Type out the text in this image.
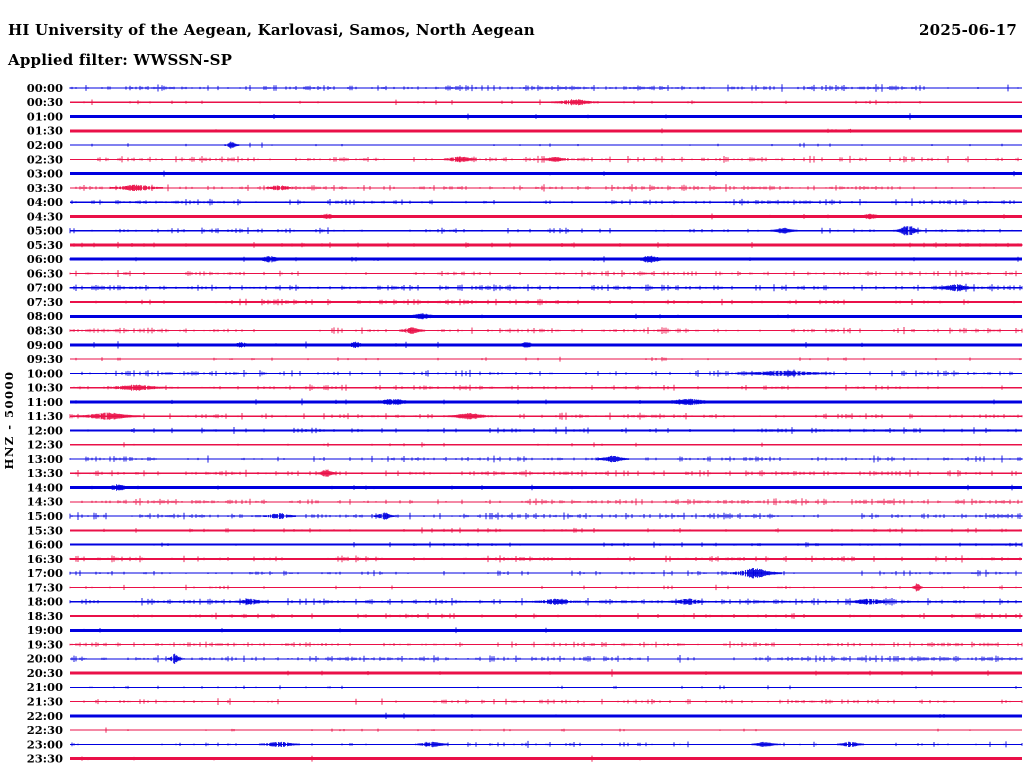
HI University of the Aegean, Karlovasi, Samos, North Aegean	2025-06-17
Applied filter: WWSSN-SP
HNZ - 50000
00:00
00:30
01:00
01:30
02:00
02:30
03:00
03:30
04:00
04:30
05:00
05:30
06:00
06:30
07:00
07:30
08:00
08:30
09:00
09:30
10:00
10:30
11:00
11:30
12:00
12:30
13:00
13:30
14:00
14:30
15:00
15:30
16:00
16:30
17:00
17:30
18:00
18:30
19:00
19:30
20:00
20:30
21:00
21:30
22:00
22:30
23:00
23:30
